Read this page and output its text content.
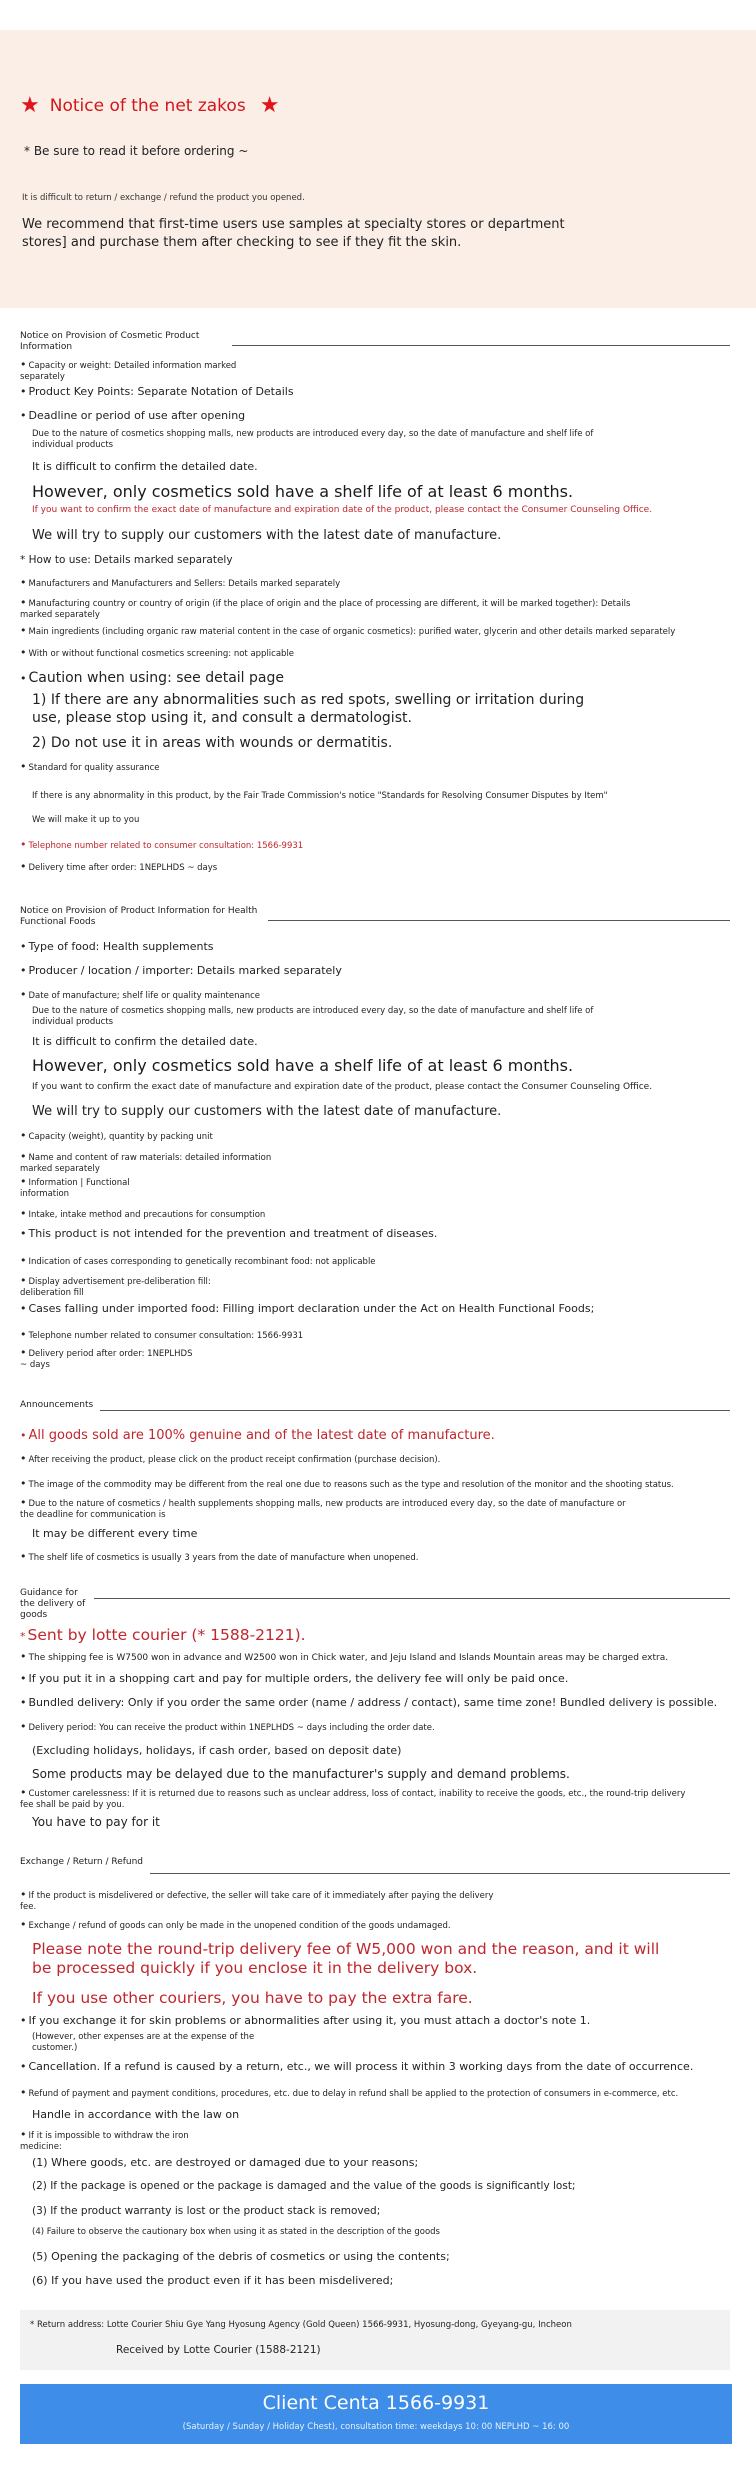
★ Notice of the net zakos ★
* Be sure to read it before ordering ~
It is difficult to return / exchange / refund the product you opened.
We recommend that first-time users use samples at specialty stores or department stores] and purchase them after checking to see if they fit the skin.
Notice on Provision of Cosmetic Product Information
• Capacity or weight: Detailed information marked separately
• Product Key Points: Separate Notation of Details
• Deadline or period of use after opening
Due to the nature of cosmetics shopping malls, new products are introduced every day, so the date of manufacture and shelf life of individual products
It is difficult to confirm the detailed date.
However, only cosmetics sold have a shelf life of at least 6 months.
If you want to confirm the exact date of manufacture and expiration date of the product, please contact the Consumer Counseling Office.
We will try to supply our customers with the latest date of manufacture.
* How to use: Details marked separately
• Manufacturers and Manufacturers and Sellers: Details marked separately
• Manufacturing country or country of origin (if the place of origin and the place of processing are different, it will be marked together): Details marked separately
• Main ingredients (including organic raw material content in the case of organic cosmetics): purified water, glycerin and other details marked separately
• With or without functional cosmetics screening: not applicable
• Caution when using: see detail page
1) If there are any abnormalities such as red spots, swelling or irritation during use, please stop using it, and consult a dermatologist.
2) Do not use it in areas with wounds or dermatitis.
• Standard for quality assurance
If there is any abnormality in this product, by the Fair Trade Commission's notice "Standards for Resolving Consumer Disputes by Item"
We will make it up to you
• Telephone number related to consumer consultation: 1566-9931
• Delivery time after order: 1NEPLHDS ~ days
Notice on Provision of Product Information for Health Functional Foods
• Type of food: Health supplements
• Producer / location / importer: Details marked separately
• Date of manufacture; shelf life or quality maintenance
Due to the nature of cosmetics shopping malls, new products are introduced every day, so the date of manufacture and shelf life of individual products
It is difficult to confirm the detailed date.
However, only cosmetics sold have a shelf life of at least 6 months.
If you want to confirm the exact date of manufacture and expiration date of the product, please contact the Consumer Counseling Office.
We will try to supply our customers with the latest date of manufacture.
• Capacity (weight), quantity by packing unit
• Name and content of raw materials: detailed information marked separately
• Information | Functional information
• Intake, intake method and precautions for consumption
• This product is not intended for the prevention and treatment of diseases.
• Indication of cases corresponding to genetically recombinant food: not applicable
• Display advertisement pre-deliberation fill: deliberation fill
• Cases falling under imported food: Filling import declaration under the Act on Health Functional Foods;
• Telephone number related to consumer consultation: 1566-9931
• Delivery period after order: 1NEPLHDS ~ days
Announcements
• All goods sold are 100% genuine and of the latest date of manufacture.
• After receiving the product, please click on the product receipt confirmation (purchase decision).
• The image of the commodity may be different from the real one due to reasons such as the type and resolution of the monitor and the shooting status.
• Due to the nature of cosmetics / health supplements shopping malls, new products are introduced every day, so the date of manufacture or the deadline for communication is
It may be different every time
• The shelf life of cosmetics is usually 3 years from the date of manufacture when unopened.
Guidance for the delivery of goods
* Sent by lotte courier (* 1588-2121).
• The shipping fee is W7500 won in advance and W2500 won in Chick water, and Jeju Island and Islands Mountain areas may be charged extra.
• If you put it in a shopping cart and pay for multiple orders, the delivery fee will only be paid once.
• Bundled delivery: Only if you order the same order (name / address / contact), same time zone! Bundled delivery is possible.
• Delivery period: You can receive the product within 1NEPLHDS ~ days including the order date.
(Excluding holidays, holidays, if cash order, based on deposit date)
Some products may be delayed due to the manufacturer's supply and demand problems.
• Customer carelessness: If it is returned due to reasons such as unclear address, loss of contact, inability to receive the goods, etc., the round-trip delivery fee shall be paid by you.
You have to pay for it
Exchange / Return / Refund
• If the product is misdelivered or defective, the seller will take care of it immediately after paying the delivery fee.
• Exchange / refund of goods can only be made in the unopened condition of the goods undamaged.
Please note the round-trip delivery fee of W5,000 won and the reason, and it will be processed quickly if you enclose it in the delivery box.
If you use other couriers, you have to pay the extra fare.
• If you exchange it for skin problems or abnormalities after using it, you must attach a doctor's note 1.
(However, other expenses are at the expense of the customer.)
• Cancellation. If a refund is caused by a return, etc., we will process it within 3 working days from the date of occurrence.
• Refund of payment and payment conditions, procedures, etc. due to delay in refund shall be applied to the protection of consumers in e-commerce, etc.
Handle in accordance with the law on
• If it is impossible to withdraw the iron medicine:
(1) Where goods, etc. are destroyed or damaged due to your reasons;
(2) If the package is opened or the package is damaged and the value of the goods is significantly lost;
(3) If the product warranty is lost or the product stack is removed;
(4) Failure to observe the cautionary box when using it as stated in the description of the goods
(5) Opening the packaging of the debris of cosmetics or using the contents;
(6) If you have used the product even if it has been misdelivered;
* Return address: Lotte Courier Shiu Gye Yang Hyosung Agency (Gold Queen) 1566-9931, Hyosung-dong, Gyeyang-gu, Incheon
Received by Lotte Courier (1588-2121)
Client Centa 1566-9931
(Saturday / Sunday / Holiday Chest), consultation time: weekdays 10: 00 NEPLHD ~ 16: 00
